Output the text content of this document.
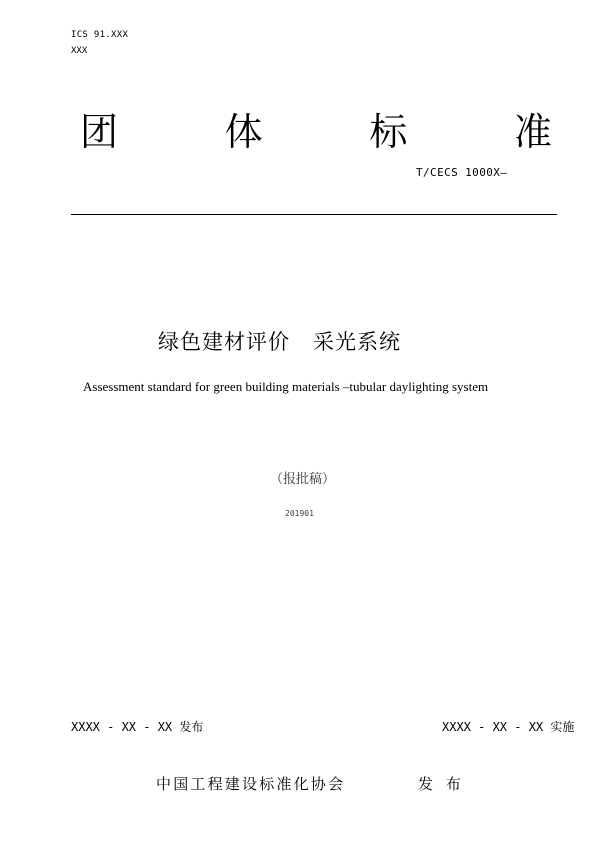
ICS 91.XXX
XXX
团	体	标	准
T/CECS 1000X—
绿色建材评价   采光系统
Assessment standard for green building materials –tubular daylighting system
（报批稿）
201901
XXXX - XX - XX 发布	XXXX - XX - XX 实施
中国工程建设标准化协会	发 布
